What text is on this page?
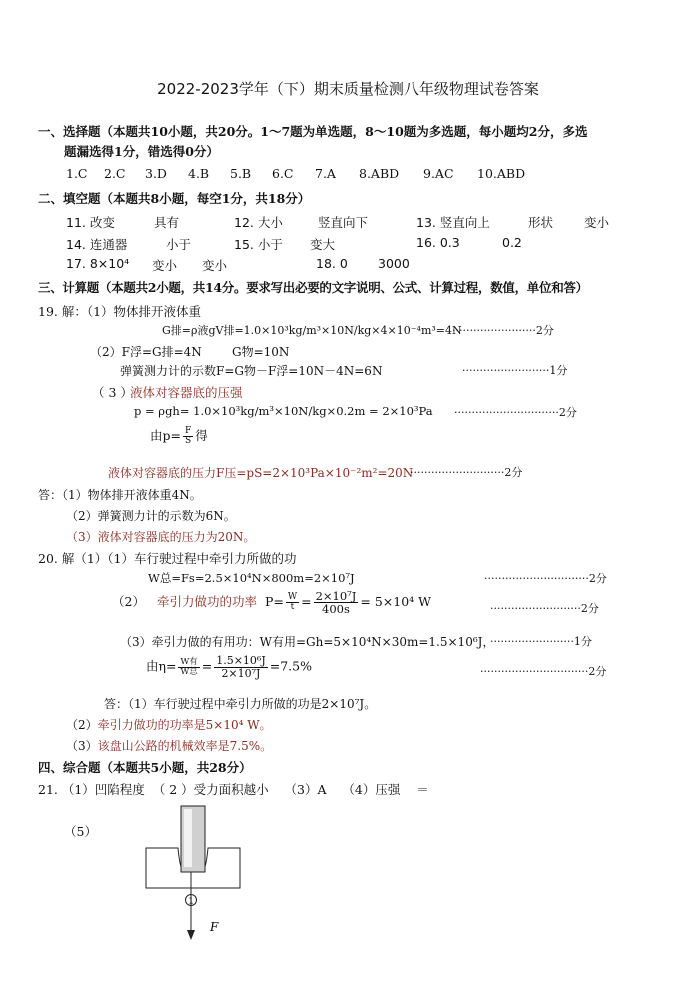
2022-2023学年（下）期末质量检测八年级物理试卷答案
一、选择题（本题共10小题，共20分。1～7题为单选题，8～10题为多选题，每小题均2分，多选
题漏选得1分，错选得0分）
1.C 2.C 3.D 4.B 5.B 6.C 7.A 8.ABD 9.AC 10.ABD
二、填空题（本题共8小题，每空1分，共18分）
11. 改变	具有	12. 大小	竖直向下	13. 竖直向上	形状 变小
14. 连通器	小于	15. 小于 变大	16. 0.3	0.2
17. 8×10⁴ 变小 变小	18. 0 3000
三、计算题（本题共2小题，共14分。要求写出必要的文字说明、公式、计算过程，数值，单位和答）
19. 解：（1）物体排开液体重
G排=ρ液gV排=1.0×10³kg/m³×10N/kg×4×10⁻⁴m³=4N
························2分
（2）F浮=G排=4N	G物=10N
弹簧测力计的示数F=G物－F浮=10N－4N=6N	·························1分
（ 3 ）
液体对容器底的压强
p = ρgh= 1.0×10³kg/m³×10N/kg×0.2m = 2×10³Pa ······························2分
由$p= \frac{F}{S}$ 得
液体对容器底的压力F压=pS=2×10³Pa×10⁻²m²=20N
···························2分
答：（1）物体排开液体重4N。
（2）弹簧测力计的示数为6N。
（3）液体对容器底的压力为20N。
20. 解（1）（1）车行驶过程中牵引力所做的功
W总=Fs=2.5×10⁴N×800m=2×10⁷J	······························2分
（2） 牵引力做功的功率 $P= \frac{W}{t} = \frac{\text{2×10⁷J}}{400s} = 5\times 10^4$ W	··························2分
（3）牵引力做的有用功：W有用=Gh=5×10⁴N×30m=1.5×10⁶J，
························1分
由$\eta= \frac{\text{W有}}{\text{W总}} = \frac{\text{1.5×10⁶J}}{\text{2×10⁷J}} =7.5\%$	·······························2分
答：（1）车行驶过程中牵引力所做的功是2×10⁷J。
（2）牵引力做功的功率是5×10⁴ W。
（3）该盘山公路的机械效率是7.5%。
四、综合题（本题共5小题，共28分）
21. （1）凹陷程度  （ 2 ）受力面积越小    （3）A    （4）压强    ＝
（5）
1
F
